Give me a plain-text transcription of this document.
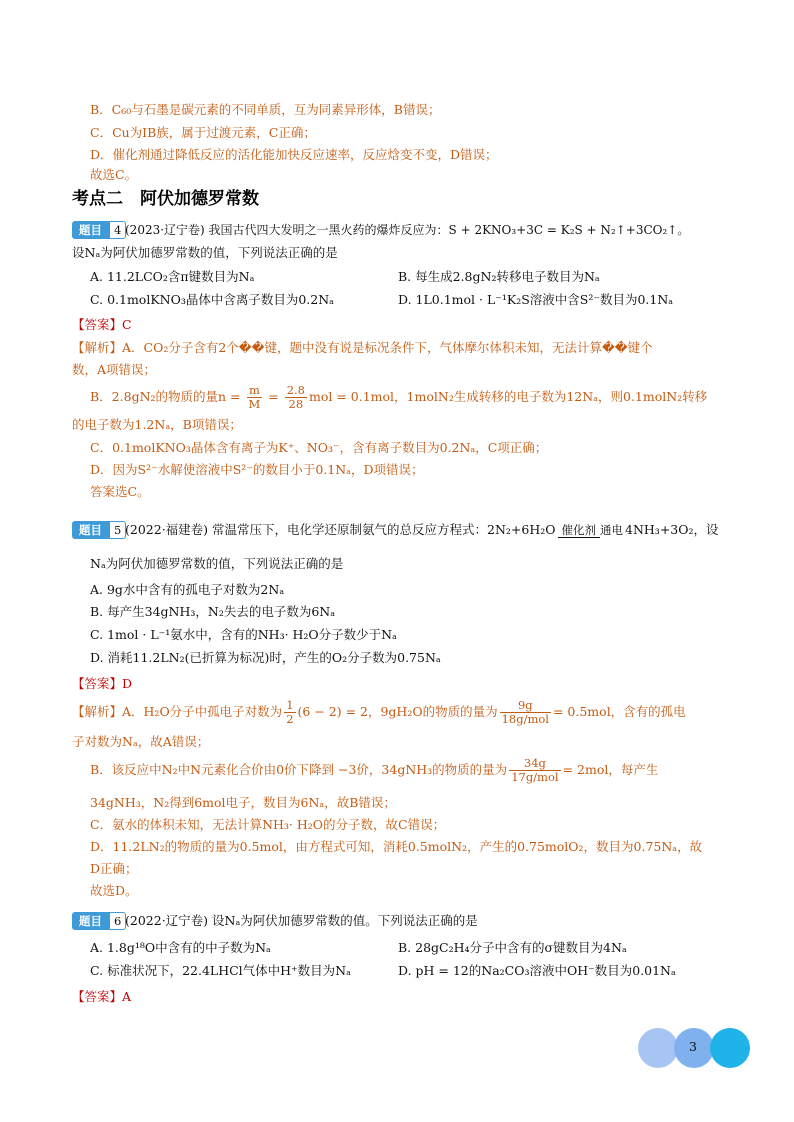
B．C₆₀与石墨是碳元素的不同单质，互为同素异形体，B错误；
C．Cu为ⅠB族，属于过渡元素，C正确；
D．催化剂通过降低反应的活化能加快反应速率，反应焓变不变，D错误；
故选C。
考点二　阿伏加德罗常数
题目	4 (2023·辽宁卷) 我国古代四大发明之一黑火药的爆炸反应为：S + 2KNO₃+3C = K₂S + N₂↑+3CO₂↑。
设Nₐ为阿伏加德罗常数的值，下列说法正确的是
A. 11.2LCO₂含π键数目为Nₐ	B. 每生成2.8gN₂转移电子数目为Nₐ
C. 0.1molKNO₃晶体中含离子数目为0.2Nₐ	D. 1L0.1mol · L⁻¹K₂S溶液中含S²⁻数目为0.1Nₐ
【答案】C
【解析】A．CO₂分子含有2个��键，题中没有说是标况条件下，气体摩尔体积未知，无法计算��键个
数，A项错误；
B．2.8gN₂的物质的量$n = \frac{m}{M} = \frac{2.8}{28}$ mol = 0.1mol，1molN₂生成转移的电子数为12Nₐ，则0.1molN₂转移
的电子数为1.2Nₐ，B项错误；
C．0.1molKNO₃晶体含有离子为K⁺、NO₃⁻，含有离子数目为0.2Nₐ，C项正确；
D．因为S²⁻水解使溶液中S²⁻的数目小于0.1Nₐ，D项错误；
答案选C。
题目	5 (2022·福建卷) 常温常压下，电化学还原制氨气的总反应方程式：2N₂+6H₂O 催化剂 通电 4NH₃+3O₂，设
Nₐ为阿伏加德罗常数的值，下列说法正确的是
A. 9g水中含有的孤电子对数为2Nₐ
B. 每产生34gNH₃，N₂失去的电子数为6Nₐ
C. 1mol · L⁻¹氨水中，含有的NH₃· H₂O分子数少于Nₐ
D. 消耗11.2LN₂(已折算为标况)时，产生的O₂分子数为0.75Nₐ
【答案】D
【解析】A．H₂O分子中孤电子对数为 $\frac{1}{2} (6 - 2) = 2$，9gH₂O的物质的量为 $\frac{9g}{\text{18g/mol}} = 0.5mol$，含有的孤电
子对数为Nₐ，故A错误；
B．该反应中N₂中N元素化合价由0价下降到 −3价，34gNH₃的物质的量为 $\frac{34g}{\text{17g/mol}} = 2mol$，每产生
34gNH₃，N₂得到6mol电子，数目为6Nₐ，故B错误；
C．氨水的体积未知，无法计算NH₃· H₂O的分子数，故C错误；
D．11.2LN₂的物质的量为0.5mol，由方程式可知，消耗0.5molN₂，产生的0.75molO₂，数目为0.75Nₐ，故
D正确；
故选D。
题目	6 (2022·辽宁卷) 设Nₐ为阿伏加德罗常数的值。下列说法正确的是
A. 1.8g¹⁸O中含有的中子数为Nₐ	B. 28gC₂H₄分子中含有的σ键数目为4Nₐ
C. 标准状况下，22.4LHCl气体中H⁺数目为Nₐ	D. pH = 12的Na₂CO₃溶液中OH⁻数目为0.01Nₐ
【答案】A
3
